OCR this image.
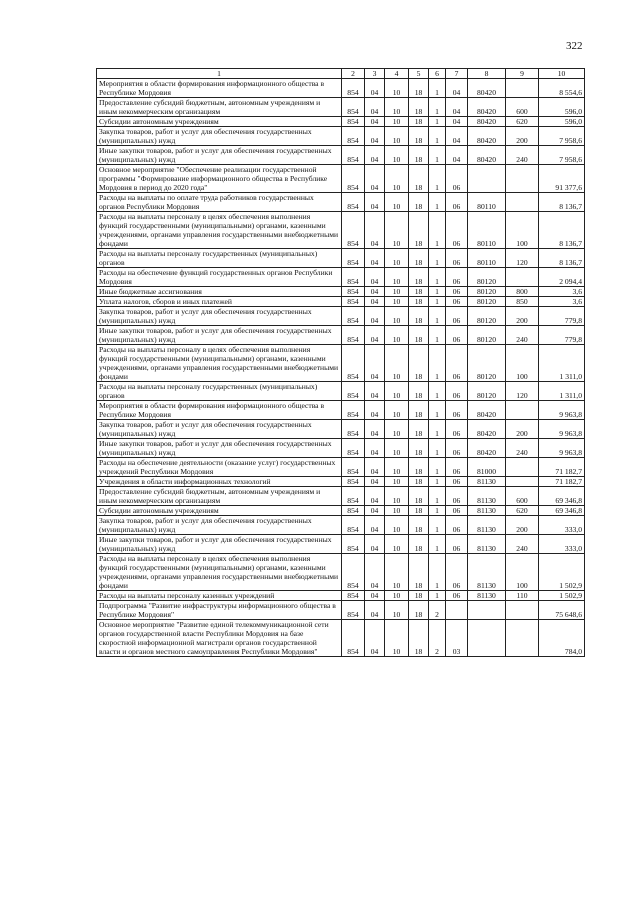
322
1	2	3	4	5	6	7	8	9	10
Мероприятия в области формирования информационного общества в Республике Мордовия	854	04	10	18	1	04	80420		8 554,6
Предоставление субсидий бюджетным, автономным учреждениям и иным некоммерческим организациям	854	04	10	18	1	04	80420	600	596,0
Субсидии автономным учреждениям	854	04	10	18	1	04	80420	620	596,0
Закупка товаров, работ и услуг для обеспечения государственных (муниципальных) нужд	854	04	10	18	1	04	80420	200	7 958,6
Иные закупки товаров, работ и услуг для обеспечения государственных (муниципальных) нужд	854	04	10	18	1	04	80420	240	7 958,6
Основное мероприятие "Обеспечение реализации государственной программы "Формирование информационного общества в Республике Мордовия в период до 2020 года"	854	04	10	18	1	06			91 377,6
Расходы на выплаты по оплате труда работников государственных органов Республики Мордовия	854	04	10	18	1	06	80110		8 136,7
Расходы на выплаты персоналу в целях обеспечения выполнения функций государственными (муниципальными) органами, казенными учреждениями, органами управления государственными внебюджетными фондами	854	04	10	18	1	06	80110	100	8 136,7
Расходы на выплаты персоналу государственных (муниципальных) органов	854	04	10	18	1	06	80110	120	8 136,7
Расходы на обеспечение функций государственных органов Республики Мордовия	854	04	10	18	1	06	80120		2 094,4
Иные бюджетные ассигнования	854	04	10	18	1	06	80120	800	3,6
Уплата налогов, сборов и иных платежей	854	04	10	18	1	06	80120	850	3,6
Закупка товаров, работ и услуг для обеспечения государственных (муниципальных) нужд	854	04	10	18	1	06	80120	200	779,8
Иные закупки товаров, работ и услуг для обеспечения государственных (муниципальных) нужд	854	04	10	18	1	06	80120	240	779,8
Расходы на выплаты персоналу в целях обеспечения выполнения функций государственными (муниципальными) органами, казенными учреждениями, органами управления государственными внебюджетными фондами	854	04	10	18	1	06	80120	100	1 311,0
Расходы на выплаты персоналу государственных (муниципальных) органов	854	04	10	18	1	06	80120	120	1 311,0
Мероприятия в области формирования информационного общества в Республике Мордовия	854	04	10	18	1	06	80420		9 963,8
Закупка товаров, работ и услуг для обеспечения государственных (муниципальных) нужд	854	04	10	18	1	06	80420	200	9 963,8
Иные закупки товаров, работ и услуг для обеспечения государственных (муниципальных) нужд	854	04	10	18	1	06	80420	240	9 963,8
Расходы на обеспечение деятельности (оказание услуг) государственных учреждений Республики Мордовия	854	04	10	18	1	06	81000		71 182,7
Учреждения в области информационных технологий	854	04	10	18	1	06	81130		71 182,7
Предоставление субсидий бюджетным, автономным учреждениям и иным некоммерческим организациям	854	04	10	18	1	06	81130	600	69 346,8
Субсидии автономным учреждениям	854	04	10	18	1	06	81130	620	69 346,8
Закупка товаров, работ и услуг для обеспечения государственных (муниципальных) нужд	854	04	10	18	1	06	81130	200	333,0
Иные закупки товаров, работ и услуг для обеспечения государственных (муниципальных) нужд	854	04	10	18	1	06	81130	240	333,0
Расходы на выплаты персоналу в целях обеспечения выполнения функций государственными (муниципальными) органами, казенными учреждениями, органами управления государственными внебюджетными фондами	854	04	10	18	1	06	81130	100	1 502,9
Расходы на выплаты персоналу казенных учреждений	854	04	10	18	1	06	81130	110	1 502,9
Подпрограмма "Развитие инфраструктуры информационного общества в Республике Мордовия"	854	04	10	18	2				75 648,6
Основное мероприятие "Развитие единой телекоммуникационной сети органов государственной власти Республики Мордовия на базе скоростной информационной магистрали органов государственной власти и органов местного самоуправления Республики Мордовия"	854	04	10	18	2	03			784,0
